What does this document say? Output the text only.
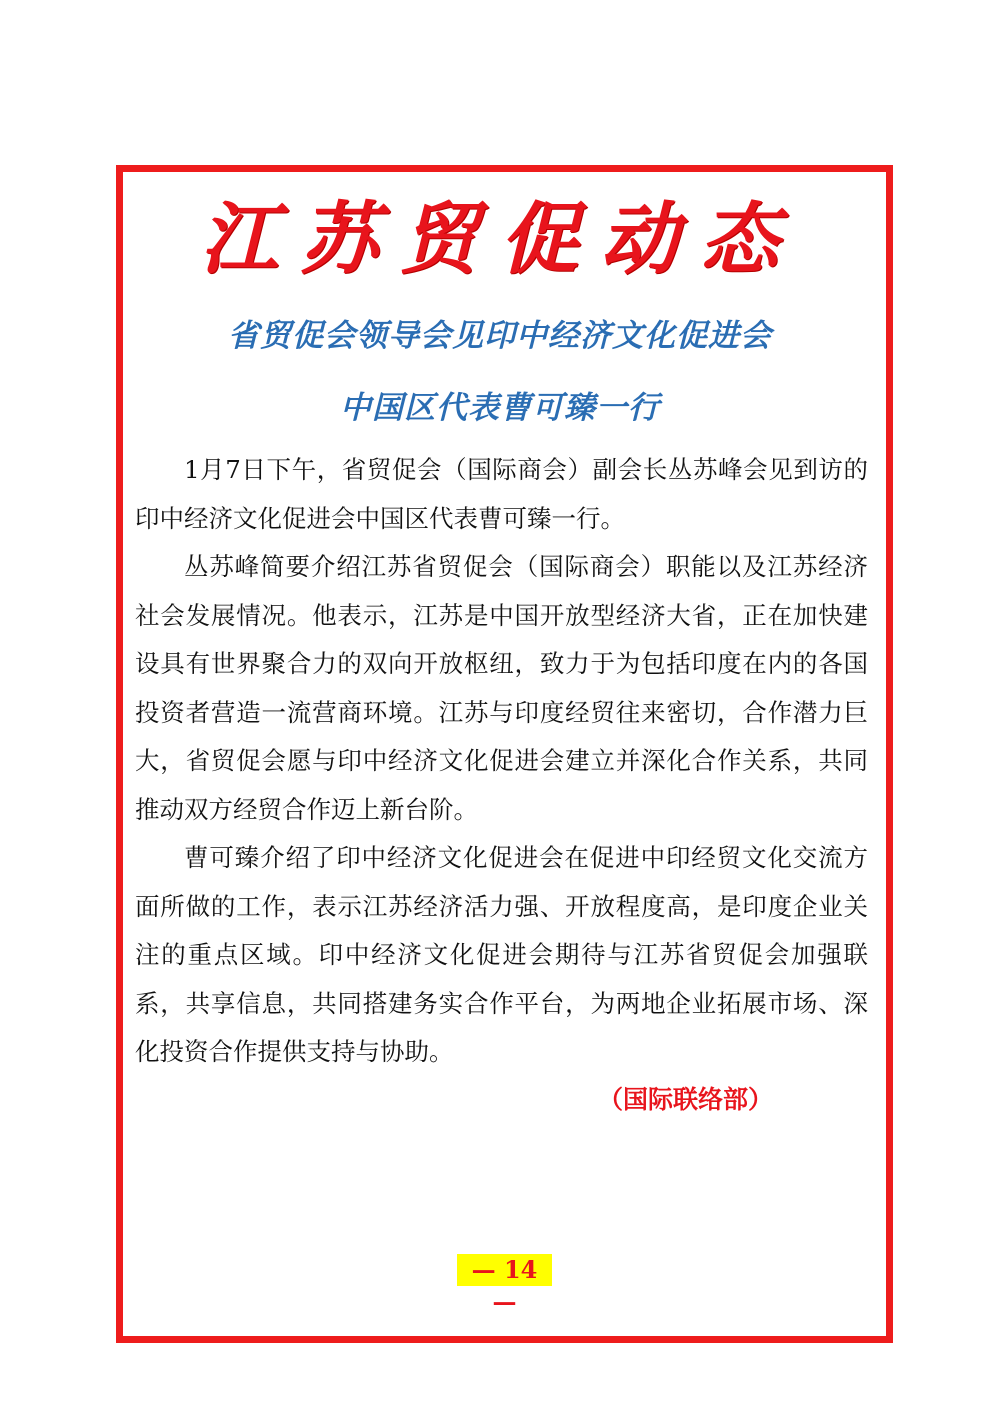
江苏贸促动态
省贸促会领导会见印中经济文化促进会
中国区代表曹可臻一行

1月7日下午，省贸促会（国际商会）副会长丛苏峰会见到访的印中经济文化促进会中国区代表曹可臻一行。

丛苏峰简要介绍江苏省贸促会（国际商会）职能以及江苏经济社会发展情况。他表示，江苏是中国开放型经济大省，正在加快建设具有世界聚合力的双向开放枢纽，致力于为包括印度在内的各国投资者营造一流营商环境。江苏与印度经贸往来密切，合作潜力巨大，省贸促会愿与印中经济文化促进会建立并深化合作关系，共同推动双方经贸合作迈上新台阶。

曹可臻介绍了印中经济文化促进会在促进中印经贸文化交流方面所做的工作，表示江苏经济活力强、开放程度高，是印度企业关注的重点区域。印中经济文化促进会期待与江苏省贸促会加强联系，共享信息，共同搭建务实合作平台，为两地企业拓展市场、深化投资合作提供支持与协助。

（国际联络部）
— 14 —
